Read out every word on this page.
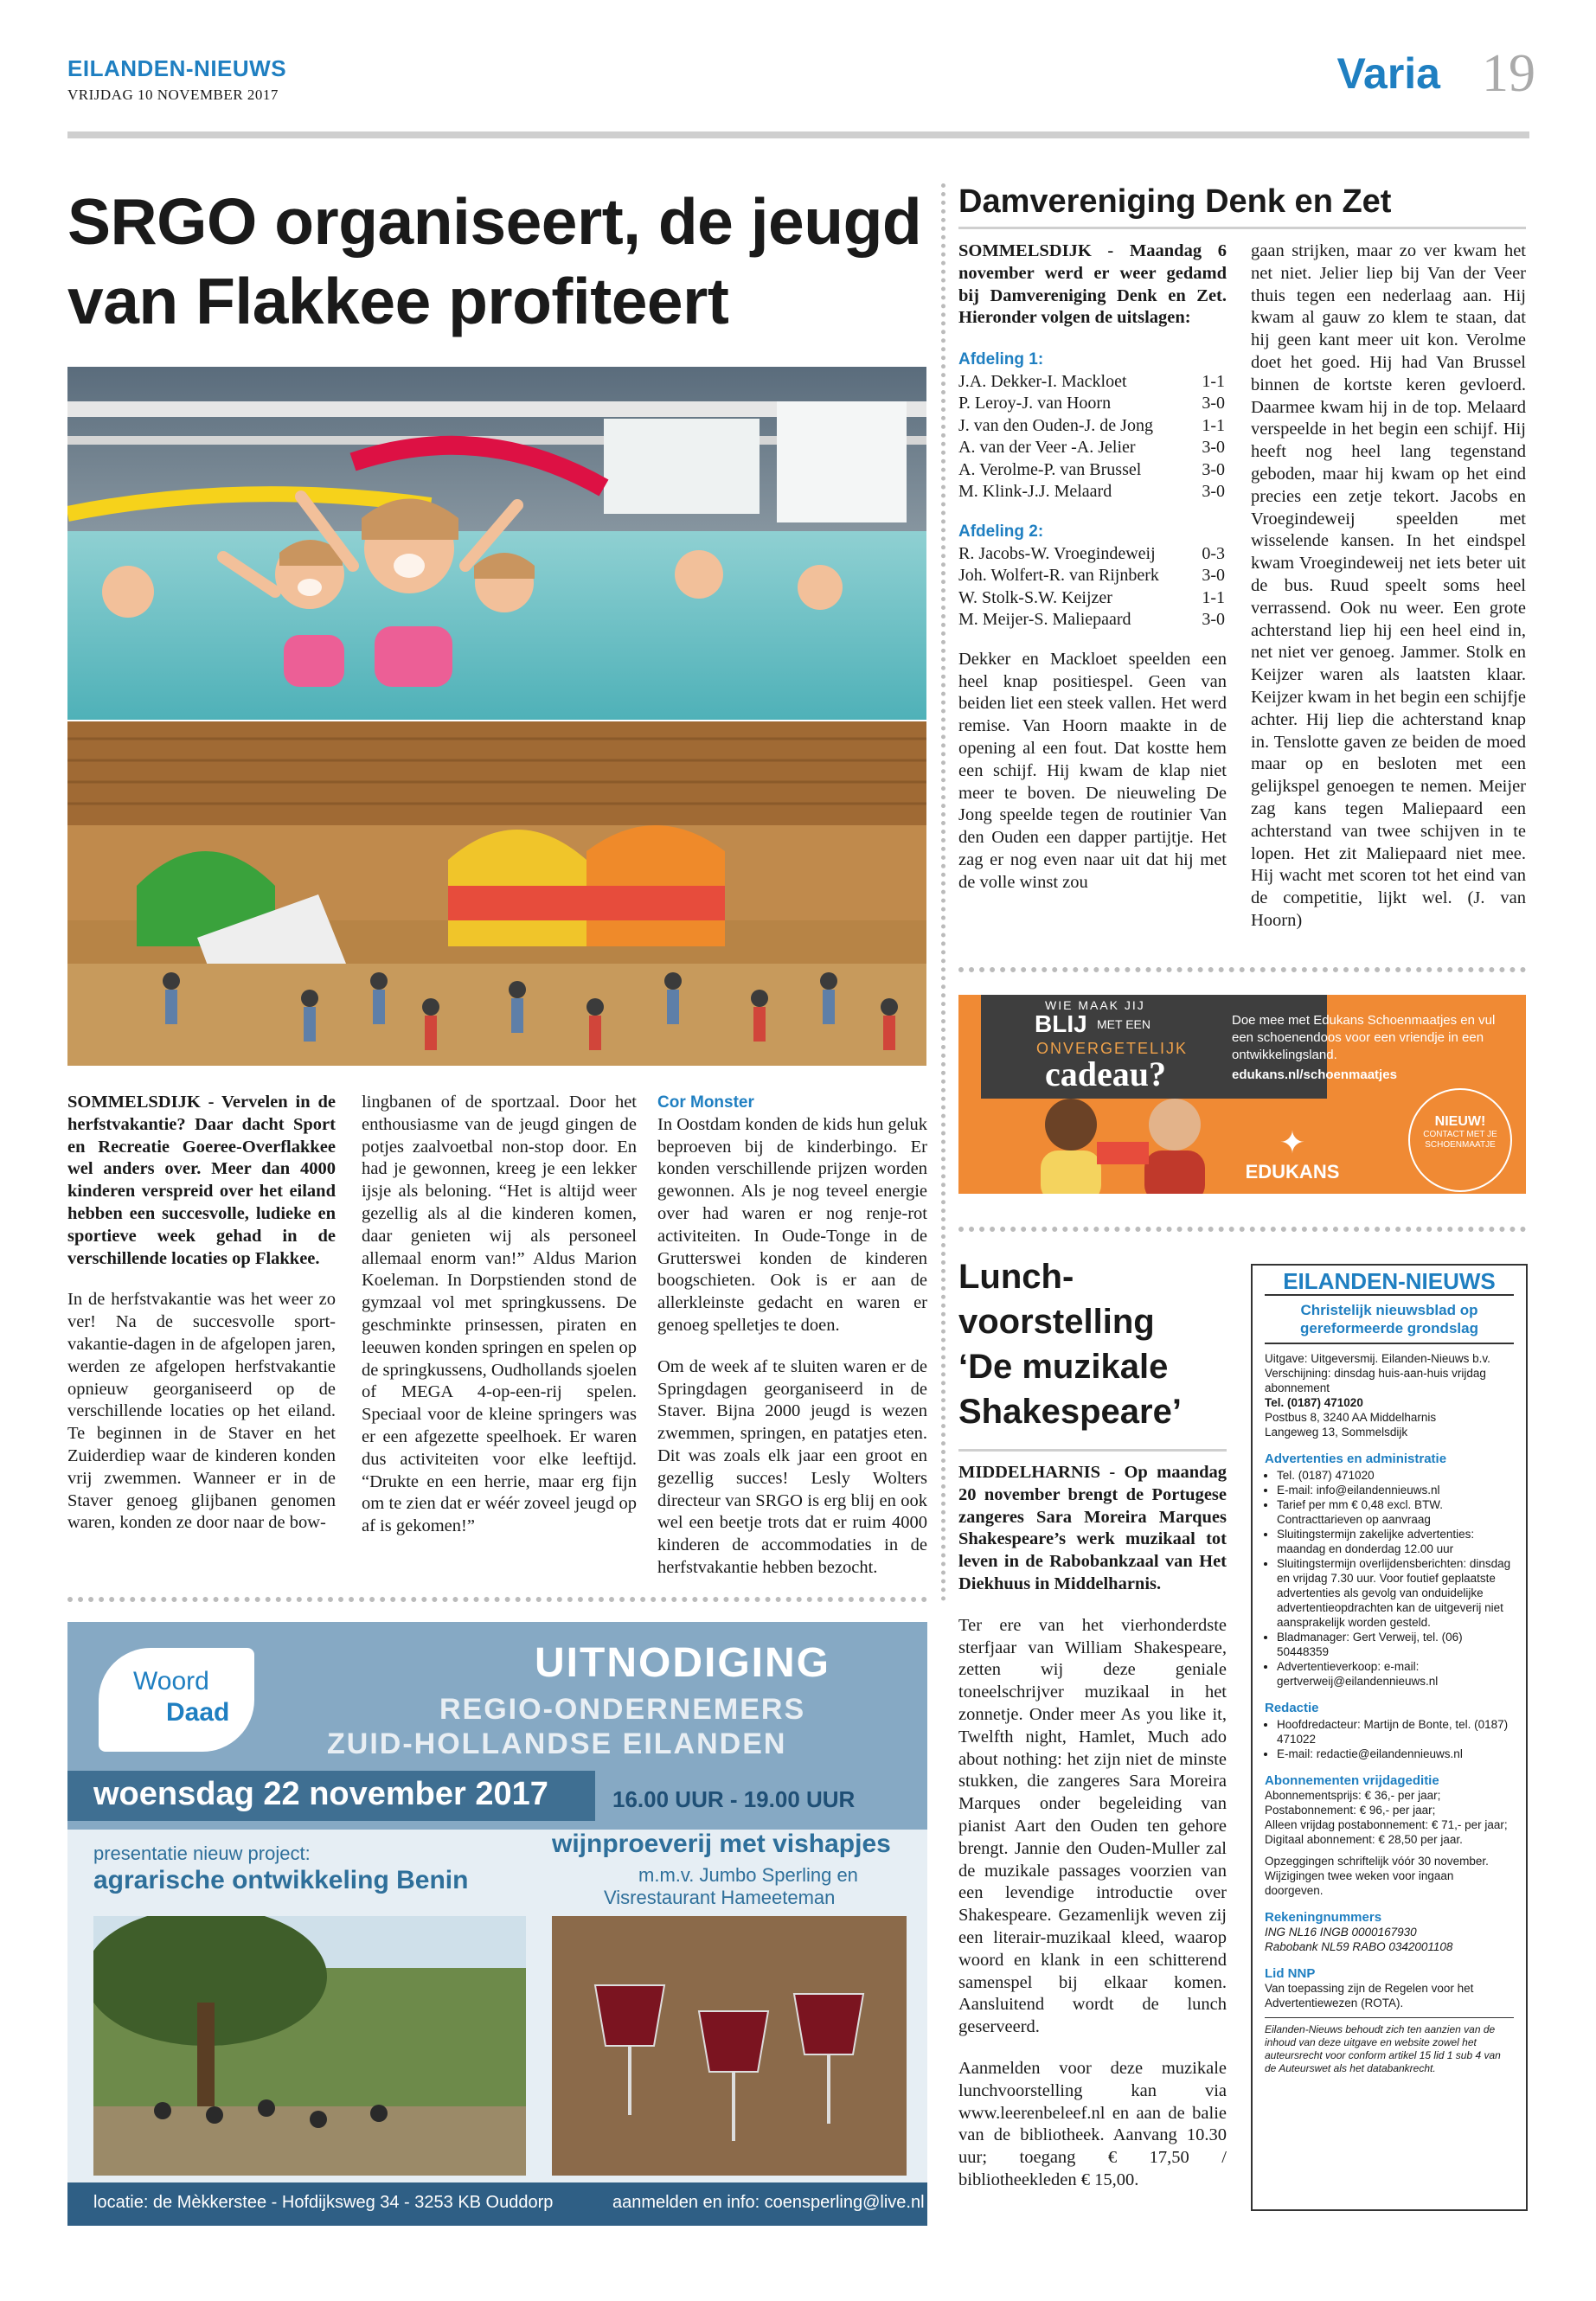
EILANDEN-NIEUWS
VRIJDAG 10 NOVEMBER 2017	Varia 19
SRGO organiseert, de jeugd van Flakkee profiteert

SOMMELSDIJK - Vervelen in de herfstvakantie? Daar dacht Sport en Recreatie Goeree-Overflakkee wel anders over. Meer dan 4000 kinderen verspreid over het eiland hebben een succesvolle, ludieke en sportieve week gehad in de verschillende locaties op Flakkee.

In de herfstvakantie was het weer zo ver! Na de succesvolle sport-vakantie-dagen in de afgelopen jaren, werden ze afgelopen herfstvakantie opnieuw georganiseerd op de verschillende locaties op het eiland. Te beginnen in de Staver en het Zuiderdiep waar de kinderen konden vrij zwemmen. Wanneer er in de Staver genoeg glijbanen genomen waren, konden ze door naar de bow-

lingbanen of de sportzaal. Door het enthousiasme van de jeugd gingen de potjes zaalvoetbal non-stop door. En had je gewonnen, kreeg je een lekker ijsje als beloning. “Het is altijd weer gezellig als al die kinderen komen, daar genieten wij als personeel allemaal enorm van!” Aldus Marion Koeleman. In Dorpstienden stond de gymzaal vol met springkussens. De geschminkte prinsessen, piraten en leeuwen konden springen en spelen op de springkussens, Oudhollands sjoelen of MEGA 4-op-een-rij spelen. Speciaal voor de kleine springers was er een afgezette speelhoek. Er waren dus activiteiten voor elke leeftijd. “Drukte en een herrie, maar erg fijn om te zien dat er wéér zoveel jeugd op af is gekomen!”

Cor Monster

In Oostdam konden de kids hun geluk beproeven bij de kinderbingo. Er konden verschillende prijzen worden gewonnen. Als je nog teveel energie over had waren er nog renje-rot activiteiten. In Oude-Tonge in de Grutterswei konden de kinderen boogschieten. Ook is er aan de allerkleinste gedacht en waren er genoeg spelletjes te doen.

Om de week af te sluiten waren er de Springdagen georganiseerd in de Staver. Bijna 2000 jeugd is wezen zwemmen, springen, en patatjes eten. Dit was zoals elk jaar een groot en gezellig succes! Lesly Wolters directeur van SRGO is erg blij en ook wel een beetje trots dat er ruim 4000 kinderen de accommodaties in de herfstvakantie hebben bezocht.

Damvereniging Denk en Zet

SOMMELSDIJK - Maandag 6 november werd er weer gedamd bij Damvereniging Denk en Zet. Hieronder volgen de uitslagen:

Afdeling 1:
J.A. Dekker-I. Mackloet	1-1
P. Leroy-J. van Hoorn	3-0
J. van den Ouden-J. de Jong	1-1
A. van der Veer -A. Jelier	3-0
A. Verolme-P. van Brussel	3-0
M. Klink-J.J. Melaard	3-0
Afdeling 2:
R. Jacobs-W. Vroegindeweij	0-3
Joh. Wolfert-R. van Rijnberk 3-0
W. Stolk-S.W. Keijzer	1-1
M. Meijer-S. Maliepaard	3-0

Dekker en Mackloet speelden een heel knap positiespel. Geen van beiden liet een steek vallen. Het werd remise. Van Hoorn maakte in de opening al een fout. Dat kostte hem een schijf. Hij kwam de klap niet meer te boven. De nieuweling De Jong speelde tegen de routinier Van den Ouden een dapper partijtje. Het zag er nog even naar uit dat hij met de volle winst zou

gaan strijken, maar zo ver kwam het net niet. Jelier liep bij Van der Veer thuis tegen een nederlaag aan. Hij kwam al gauw zo klem te staan, dat hij geen kant meer uit kon. Verolme doet het goed. Hij had Van Brussel binnen de kortste keren gevloerd. Daarmee kwam hij in de top. Melaard verspeelde in het begin een schijf. Hij heeft nog heel lang tegenstand geboden, maar hij kwam op het eind precies een zetje tekort. Jacobs en Vroegindeweij speelden met wisselende kansen. In het eindspel kwam Vroegindeweij net iets beter uit de bus. Ruud speelt soms heel verrassend. Ook nu weer. Een grote achterstand liep hij een heel eind in, net niet ver genoeg. Jammer. Stolk en Keijzer waren als laatsten klaar. Keijzer kwam in het begin een schijfje achter. Hij liep die achterstand knap in. Tenslotte gaven ze beiden de moed maar op en besloten met een gelijkspel genoegen te nemen. Meijer zag kans tegen Maliepaard een achterstand van twee schijven in te lopen. Het zit Maliepaard niet mee. Hij wacht met scoren tot het eind van de competitie, lijkt wel. (J. van Hoorn)

WIE MAAK JIJ
BLIJ MET EEN
ONVERGETELIJK
cadeau?
Doe mee met Edukans Schoenmaatjes en vul een schoenendoos voor een vriendje in een ontwikkelingsland.
edukans.nl/schoenmaatjes
✦
EDUKANS
NIEUW!
CONTACT MET JE SCHOENMAATJE
Lunch-voorstelling ‘De muzikale Shakespeare’

MIDDELHARNIS - Op maandag 20 november brengt de Portugese zangeres Sara Moreira Marques Shakespeare’s werk muzikaal tot leven in de Rabobankzaal van Het Diekhuus in Middelharnis.

Ter ere van het vierhonderdste sterfjaar van William Shakespeare, zetten wij deze geniale toneelschrijver muzikaal in het zonnetje. Onder meer As you like it, Twelfth night, Hamlet, Much ado about nothing: het zijn niet de minste stukken, die zangeres Sara Moreira Marques onder begeleiding van pianist Aart den Ouden ten gehore brengt. Jannie den Ouden-Muller zal de muzikale passages voorzien van een levendige introductie over Shakespeare. Gezamenlijk weven zij een literair-muzikaal kleed, waarop woord en klank in een schitterend samenspel bij elkaar komen. Aansluitend wordt de lunch geserveerd.

Aanmelden voor deze muzikale lunchvoorstelling kan via www.leerenbeleef.nl en aan de balie van de bibliotheek. Aanvang 10.30 uur; toegang € 17,50 / bibliotheekleden € 15,00.

EILANDEN-NIEUWS
Christelijk nieuwsblad op gereformeerde grondslag
Uitgave: Uitgeversmij. Eilanden-Nieuws b.v.
Verschijning: dinsdag huis-aan-huis vrijdag abonnement
Tel. (0187) 471020
Postbus 8, 3240 AA Middelharnis
Langeweg 13, Sommelsdijk
Advertenties en administratie
• Tel. (0187) 471020
• E-mail: info@eilandennieuws.nl
• Tarief per mm € 0,48 excl. BTW. Contracttarieven op aanvraag
• Sluitingstermijn zakelijke advertenties: maandag en donderdag 12.00 uur
• Sluitingstermijn overlijdensberichten: dinsdag en vrijdag 7.30 uur. Voor foutief geplaatste advertenties als gevolg van onduidelijke advertentieopdrachten kan de uitgeverij niet aansprakelijk worden gesteld.
• Bladmanager: Gert Verweij, tel. (06) 50448359
• Advertentieverkoop: e-mail: gertverweij@eilandennieuws.nl
Redactie
• Hoofdredacteur: Martijn de Bonte, tel. (0187) 471022
• E-mail: redactie@eilandennieuws.nl
Abonnementen vrijdageditie
Abonnementsprijs: € 36,- per jaar;
Postabonnement: € 96,- per jaar;
Alleen vrijdag postabonnement: € 71,- per jaar;
Digitaal abonnement: € 28,50 per jaar.
Opzeggingen schriftelijk vóór 30 november. Wijzigingen twee weken voor ingaan doorgeven.
Rekeningnummers
ING NL16 INGB 0000167930
Rabobank NL59 RABO 0342001108
Lid NNP
Van toepassing zijn de Regelen voor het Advertentiewezen (ROTA).
Eilanden-Nieuws behoudt zich ten aanzien van de inhoud van deze uitgave en website zowel het auteursrecht voor conform artikel 15 lid 1 sub 4 van de Auteurswet als het databankrecht.
Woord
Daad
UITNODIGING
REGIO-ONDERNEMERS
ZUID-HOLLANDSE EILANDEN
woensdag 22 november 2017	16.00 UUR - 19.00 UUR
presentatie nieuw project:
agrarische ontwikkeling Benin
wijnproeverij met vishapjes
m.m.v. Jumbo Sperling en
Visrestaurant Hameeteman
locatie: de Mèkkerstee - Hofdijksweg 34 - 3253 KB Ouddorp	aanmelden en info: coensperling@live.nl
